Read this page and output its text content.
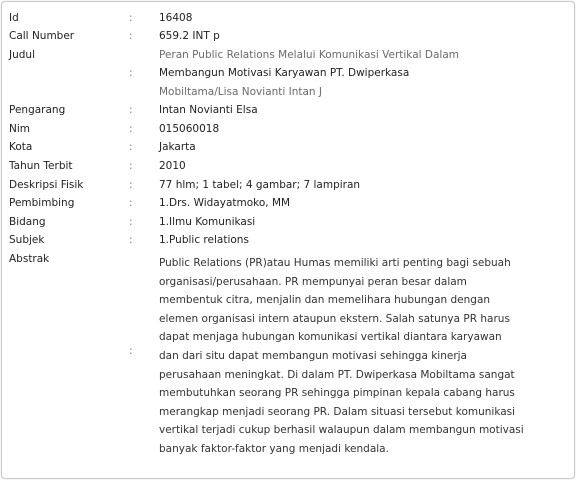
Id	:	16408
Call Number	:	659.2 INT p
Judul	Peran Public Relations Melalui Komunikasi Vertikal Dalam
:	Membangun Motivasi Karyawan PT. Dwiperkasa
Mobiltama/Lisa Novianti Intan J
Pengarang	:	Intan Novianti Elsa
Nim	:	015060018
Kota	:	Jakarta
Tahun Terbit	:	2010
Deskripsi Fisik	:	77 hlm; 1 tabel; 4 gambar; 7 lampiran
Pembimbing	:	1.Drs. Widayatmoko, MM
Bidang	:	1.Ilmu Komunikasi
Subjek	:	1.Public relations
Abstrak
:
Public Relations (PR)atau Humas memiliki arti penting bagi sebuah
organisasi/perusahaan. PR mempunyai peran besar dalam
membentuk citra, menjalin dan memelihara hubungan dengan
elemen organisasi intern ataupun ekstern. Salah satunya PR harus
dapat menjaga hubungan komunikasi vertikal diantara karyawan
dan dari situ dapat membangun motivasi sehingga kinerja
perusahaan meningkat. Di dalam PT. Dwiperkasa Mobiltama sangat
membutuhkan seorang PR sehingga pimpinan kepala cabang harus
merangkap menjadi seorang PR. Dalam situasi tersebut komunikasi
vertikal terjadi cukup berhasil walaupun dalam membangun motivasi
banyak faktor-faktor yang menjadi kendala.
